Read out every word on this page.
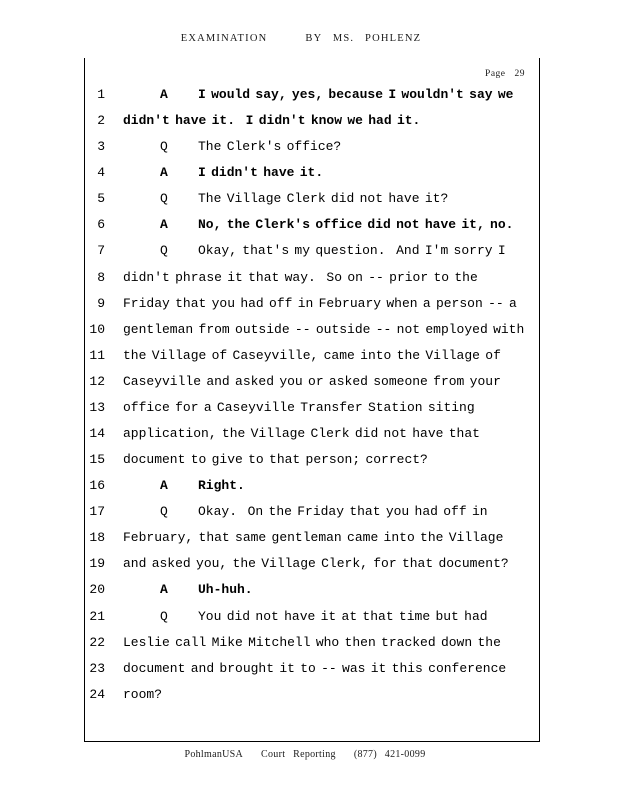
EXAMINATION	BY MS. POHLENZ
Page 29
1	A I would say, yes, because I wouldn't say we
2 didn't have it.  I didn't know we had it.
3	Q The Clerk's office?
4	A I didn't have it.
5	Q The Village Clerk did not have it?
6	A No, the Clerk's office did not have it, no.
7	Q Okay, that's my question.  And I'm sorry I
8 didn't phrase it that way.  So on -- prior to the
9 Friday that you had off in February when a person -- a
10 gentleman from outside -- outside -- not employed with
11 the Village of Caseyville, came into the Village of
12 Caseyville and asked you or asked someone from your
13 office for a Caseyville Transfer Station siting
14 application, the Village Clerk did not have that
15 document to give to that person; correct?
16	A Right.
17	Q Okay.  On the Friday that you had off in
18 February, that same gentleman came into the Village
19 and asked you, the Village Clerk, for that document?
20	A Uh-huh.
21	Q You did not have it at that time but had
22 Leslie call Mike Mitchell who then tracked down the
23 document and brought it to -- was it this conference
24 room?
PohlmanUSA Court Reporting (877) 421-0099
